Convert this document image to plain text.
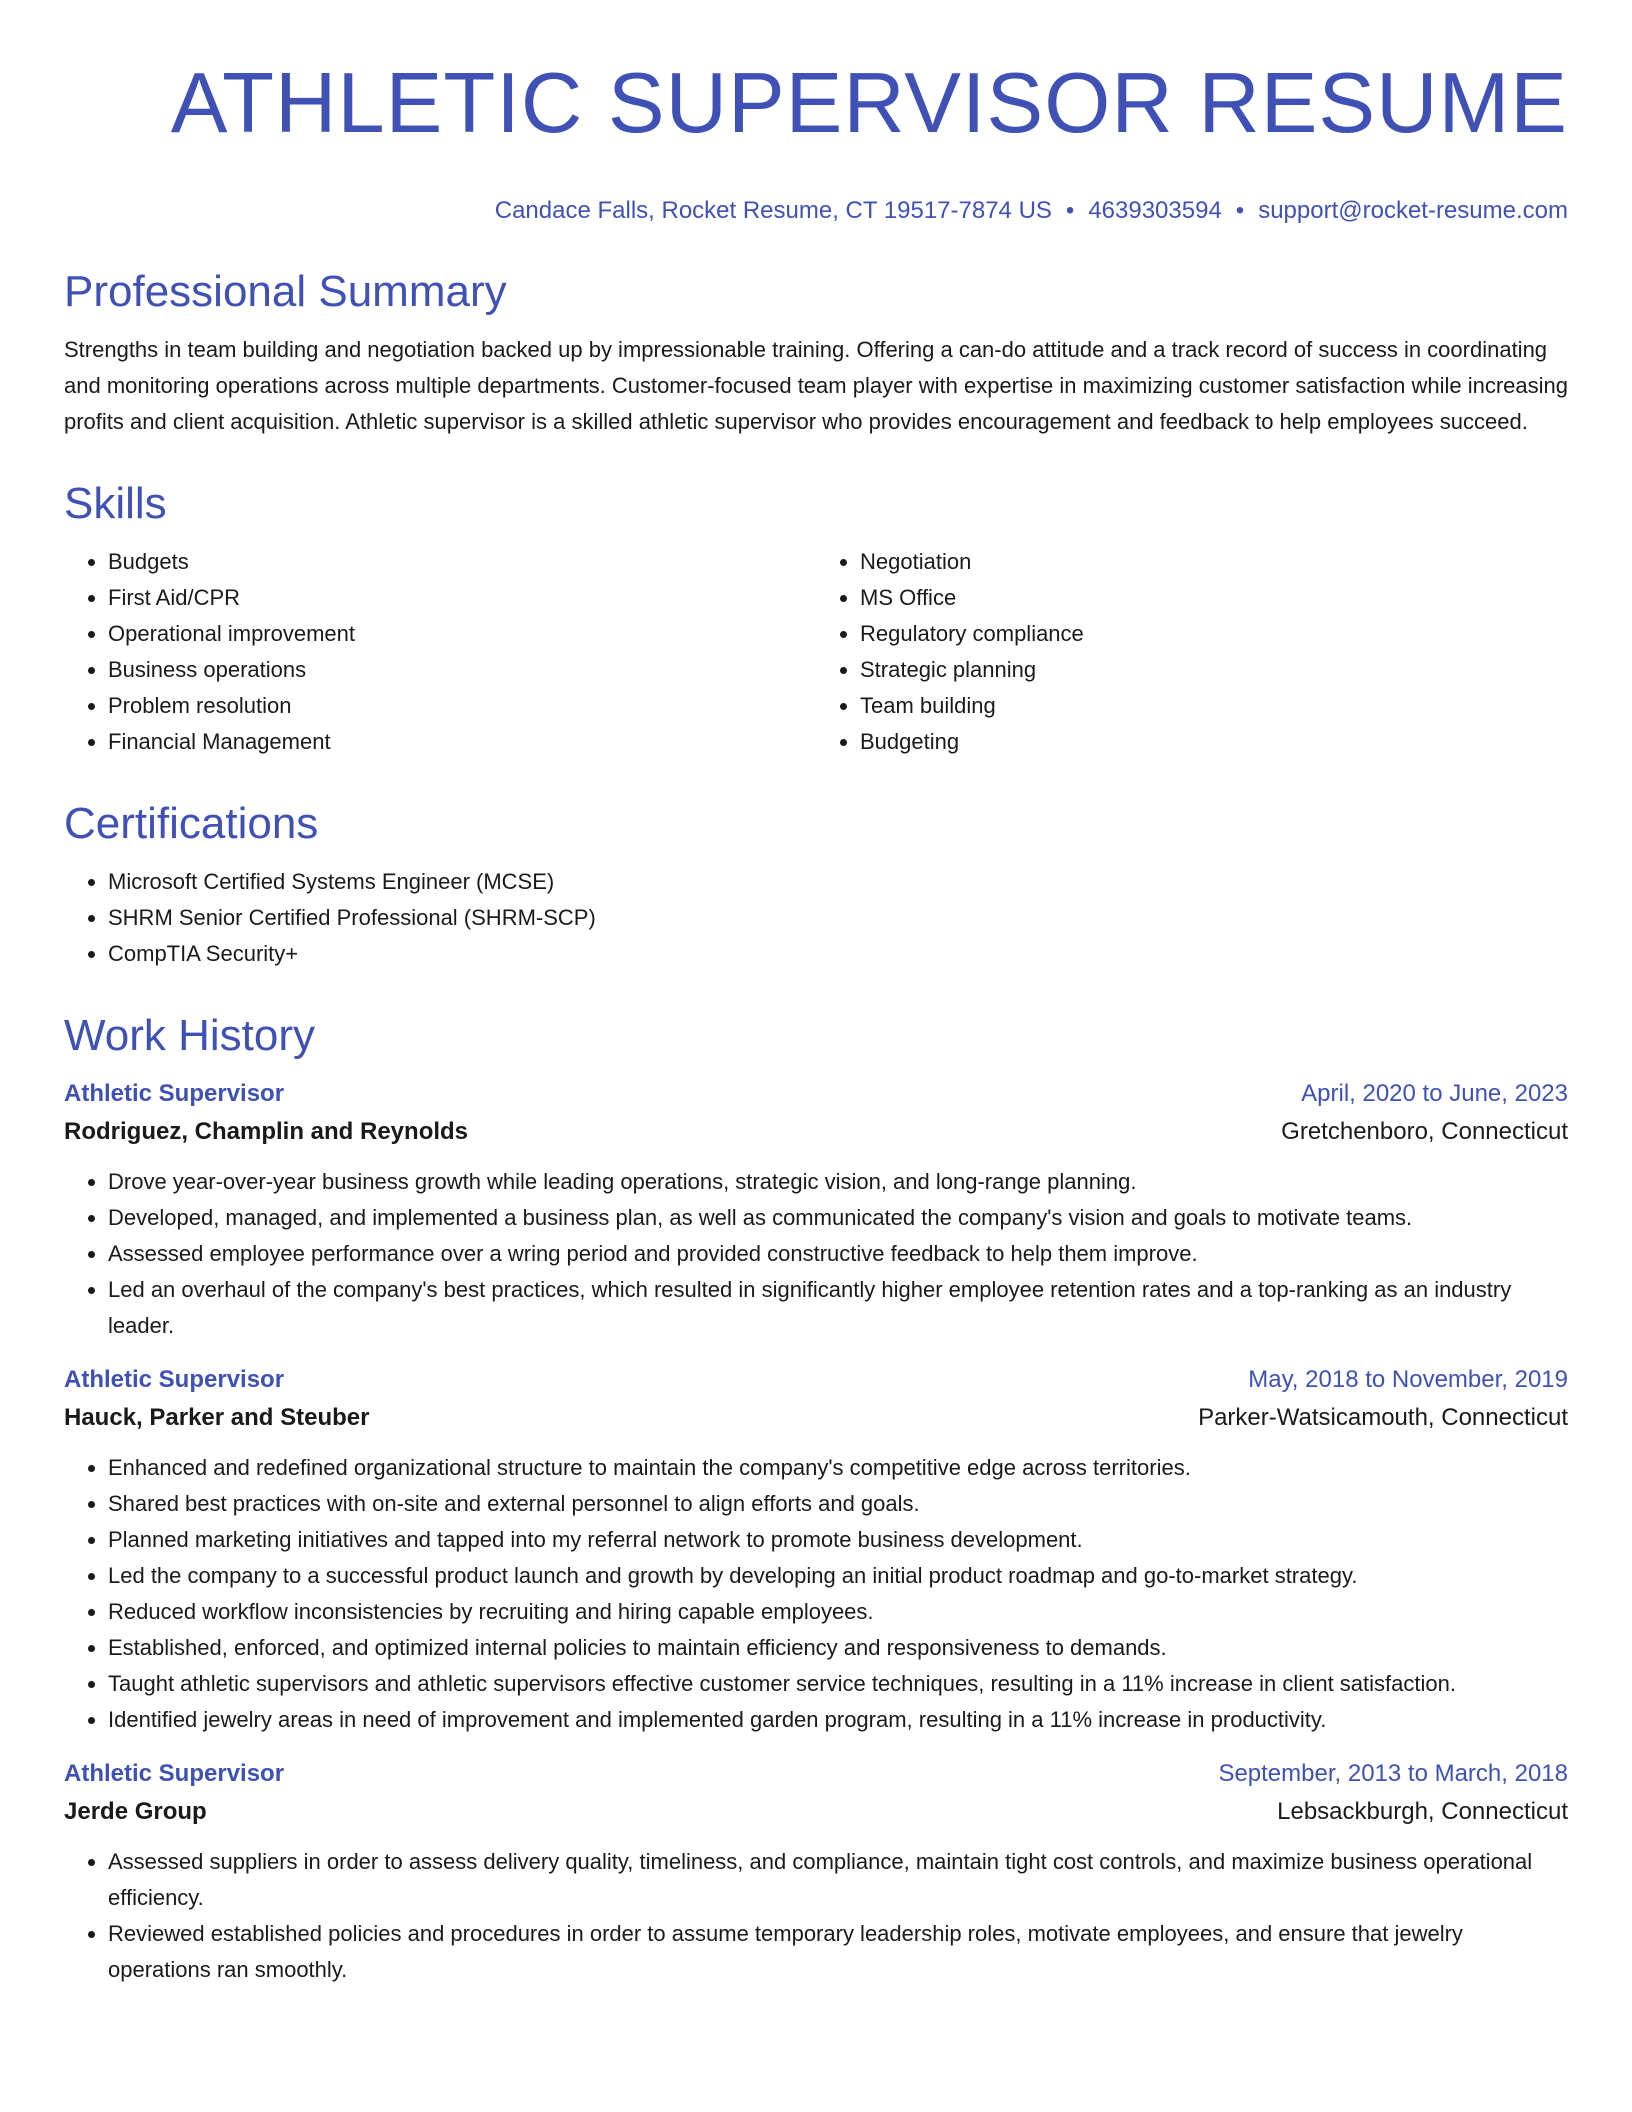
ATHLETIC SUPERVISOR RESUME
Candace Falls, Rocket Resume, CT 19517-7874 US • 4639303594 • support@rocket-resume.com
Professional Summary

Strengths in team building and negotiation backed up by impressionable training. Offering a can-do attitude and a track record of success in coordinating and monitoring operations across multiple departments. Customer-focused team player with expertise in maximizing customer satisfaction while increasing profits and client acquisition. Athletic supervisor is a skilled athletic supervisor who provides encouragement and feedback to help employees succeed.

Skills
• Budgets
• First Aid/CPR
• Operational improvement
• Business operations
• Problem resolution
• Financial Management
• Negotiation
• MS Office
• Regulatory compliance
• Strategic planning
• Team building
• Budgeting
Certifications
• Microsoft Certified Systems Engineer (MCSE)
• SHRM Senior Certified Professional (SHRM-SCP)
• CompTIA Security+
Work History
Athletic Supervisor	April, 2020 to June, 2023
Rodriguez, Champlin and Reynolds	Gretchenboro, Connecticut
• Drove year-over-year business growth while leading operations, strategic vision, and long-range planning.
• Developed, managed, and implemented a business plan, as well as communicated the company's vision and goals to motivate teams.
• Assessed employee performance over a wring period and provided constructive feedback to help them improve.
• Led an overhaul of the company's best practices, which resulted in significantly higher employee retention rates and a top-ranking as an industry leader.
Athletic Supervisor	May, 2018 to November, 2019
Hauck, Parker and Steuber	Parker-Watsicamouth, Connecticut
• Enhanced and redefined organizational structure to maintain the company's competitive edge across territories.
• Shared best practices with on-site and external personnel to align efforts and goals.
• Planned marketing initiatives and tapped into my referral network to promote business development.
• Led the company to a successful product launch and growth by developing an initial product roadmap and go-to-market strategy.
• Reduced workflow inconsistencies by recruiting and hiring capable employees.
• Established, enforced, and optimized internal policies to maintain efficiency and responsiveness to demands.
• Taught athletic supervisors and athletic supervisors effective customer service techniques, resulting in a 11% increase in client satisfaction.
• Identified jewelry areas in need of improvement and implemented garden program, resulting in a 11% increase in productivity.
Athletic Supervisor	September, 2013 to March, 2018
Jerde Group	Lebsackburgh, Connecticut
• Assessed suppliers in order to assess delivery quality, timeliness, and compliance, maintain tight cost controls, and maximize business operational efficiency.
• Reviewed established policies and procedures in order to assume temporary leadership roles, motivate employees, and ensure that jewelry operations ran smoothly.
